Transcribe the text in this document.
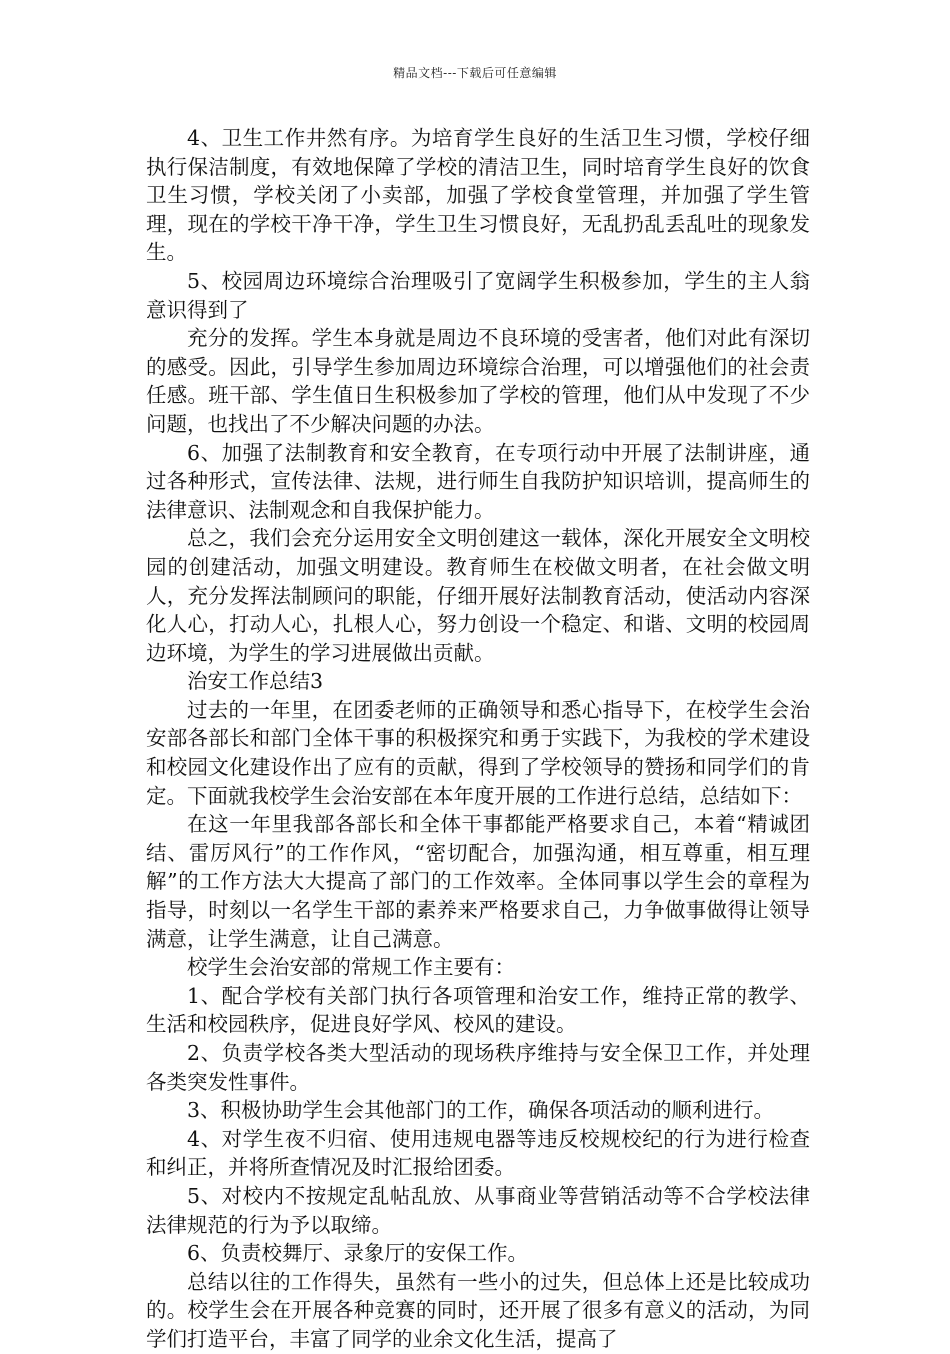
精品文档---下载后可任意编辑

4、卫生工作井然有序。为培育学生良好的生活卫生习惯，学校仔细执行保洁制度，有效地保障了学校的清洁卫生，同时培育学生良好的饮食卫生习惯，学校关闭了小卖部，加强了学校食堂管理，并加强了学生管理，现在的学校干净干净，学生卫生习惯良好，无乱扔乱丢乱吐的现象发生。

5、校园周边环境综合治理吸引了宽阔学生积极参加，学生的主人翁意识得到了

充分的发挥。学生本身就是周边不良环境的受害者，他们对此有深切的感受。因此，引导学生参加周边环境综合治理，可以增强他们的社会责任感。班干部、学生值日生积极参加了学校的管理，他们从中发现了不少问题，也找出了不少解决问题的办法。

6、加强了法制教育和安全教育，在专项行动中开展了法制讲座，通过各种形式，宣传法律、法规，进行师生自我防护知识培训，提高师生的法律意识、法制观念和自我保护能力。

总之，我们会充分运用安全文明创建这一载体，深化开展安全文明校园的创建活动，加强文明建设。教育师生在校做文明者，在社会做文明人，充分发挥法制顾问的职能，仔细开展好法制教育活动，使活动内容深化人心，打动人心，扎根人心，努力创设一个稳定、和谐、文明的校园周边环境，为学生的学习进展做出贡献。

治安工作总结3

过去的一年里，在团委老师的正确领导和悉心指导下，在校学生会治安部各部长和部门全体干事的积极探究和勇于实践下，为我校的学术建设和校园文化建设作出了应有的贡献，得到了学校领导的赞扬和同学们的肯定。下面就我校学生会治安部在本年度开展的工作进行总结，总结如下：

在这一年里我部各部长和全体干事都能严格要求自己，本着“精诚团结、雷厉风行”的工作作风，“密切配合，加强沟通，相互尊重，相互理解”的工作方法大大提高了部门的工作效率。全体同事以学生会的章程为指导，时刻以一名学生干部的素养来严格要求自己，力争做事做得让领导满意，让学生满意，让自己满意。

校学生会治安部的常规工作主要有：

1、配合学校有关部门执行各项管理和治安工作，维持正常的教学、生活和校园秩序，促进良好学风、校风的建设。

2、负责学校各类大型活动的现场秩序维持与安全保卫工作，并处理各类突发性事件。

3、积极协助学生会其他部门的工作，确保各项活动的顺利进行。

4、对学生夜不归宿、使用违规电器等违反校规校纪的行为进行检查和纠正，并将所查情况及时汇报给团委。

5、对校内不按规定乱帖乱放、从事商业等营销活动等不合学校法律法律规范的行为予以取缔。

6、负责校舞厅、录象厅的安保工作。

总结以往的工作得失，虽然有一些小的过失，但总体上还是比较成功的。校学生会在开展各种竞赛的同时，还开展了很多有意义的活动，为同学们打造平台，丰富了同学的业余文化生活，提高了
